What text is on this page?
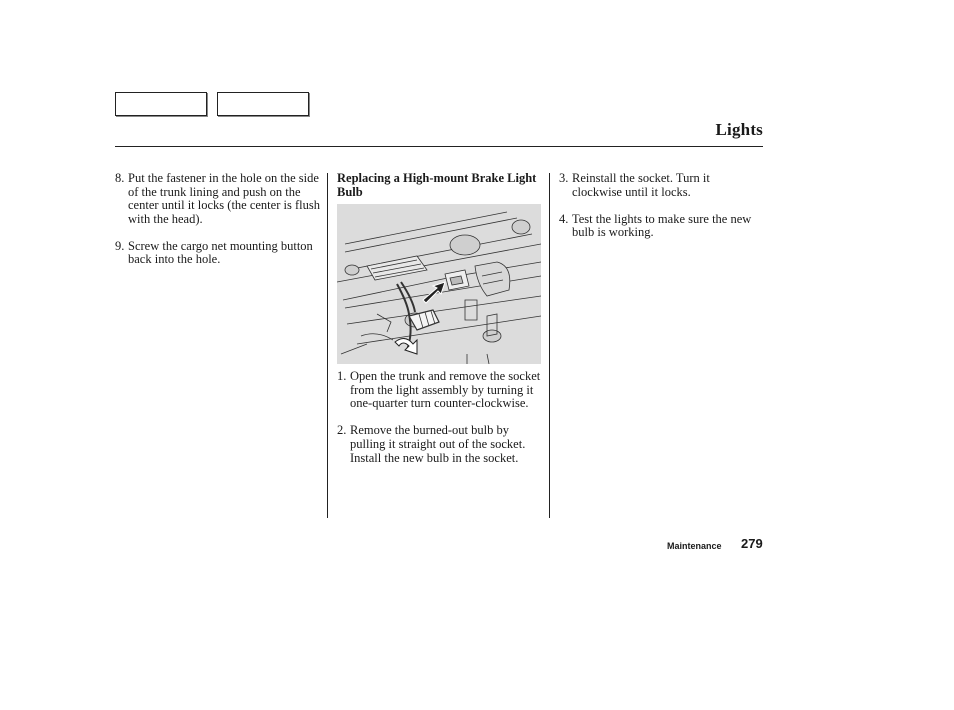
Lights
8. Put the fastener in the hole on the side of the trunk lining and push on the center until it locks (the center is flush with the head).
9. Screw the cargo net mounting button back into the hole.
Replacing a High-mount Brake Light Bulb
1. Open the trunk and remove the socket from the light assembly by turning it one-quarter turn counter-clockwise.
2. Remove the burned-out bulb by pulling it straight out of the socket. Install the new bulb in the socket.
3. Reinstall the socket. Turn it clockwise until it locks.
4. Test the lights to make sure the new bulb is working.
Maintenance 279
